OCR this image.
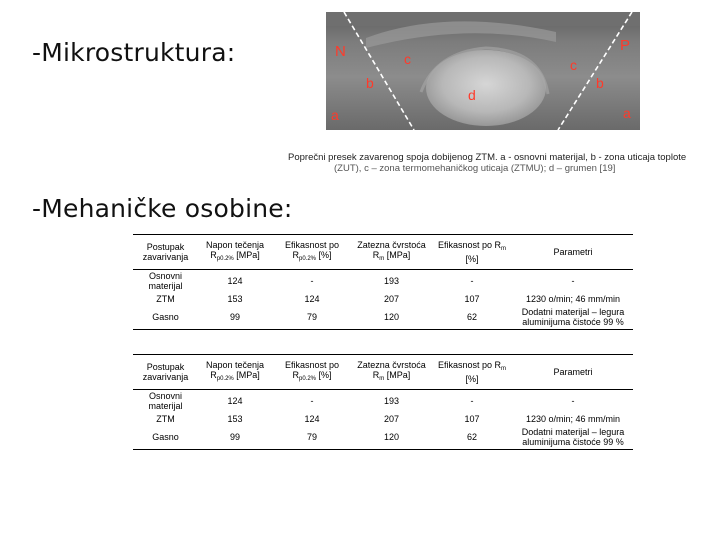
-Mikrostruktura:	N	P
c	c
b	b
d
a	a
Poprečni presek zavarenog spoja dobijenog ZTM. a - osnovni materijal, b - zona uticaja toplote
(ZUT), c – zona termomehaničkog uticaja (ZTMU); d – grumen [19]
-Mehaničke osobine:
Postupak zavarivanja	Napon tečenja $R_{p0.2\%}$ [MPa]	Efikasnost po $R_{p0.2\%}$ [%]	Zatezna čvrstoća $R_m$ [MPa]	Efikasnost po $R_m$ [%]	Parametri
Osnovni materijal	124	-	193	-	-
ZTM	153	124	207	107	1230 o/min; 46 mm/min
Gasno	99	79	120	62	Dodatni materijal – legura aluminijuma čistoće 99 %
Postupak zavarivanja	Napon tečenja $R_{p0.2\%}$ [MPa]	Efikasnost po $R_{p0.2\%}$ [%]	Zatezna čvrstoća $R_m$ [MPa]	Efikasnost po $R_m$ [%]	Parametri
Osnovni materijal	124	-	193	-	-
ZTM	153	124	207	107	1230 o/min; 46 mm/min
Gasno	99	79	120	62	Dodatni materijal – legura aluminijuma čistoće 99 %
